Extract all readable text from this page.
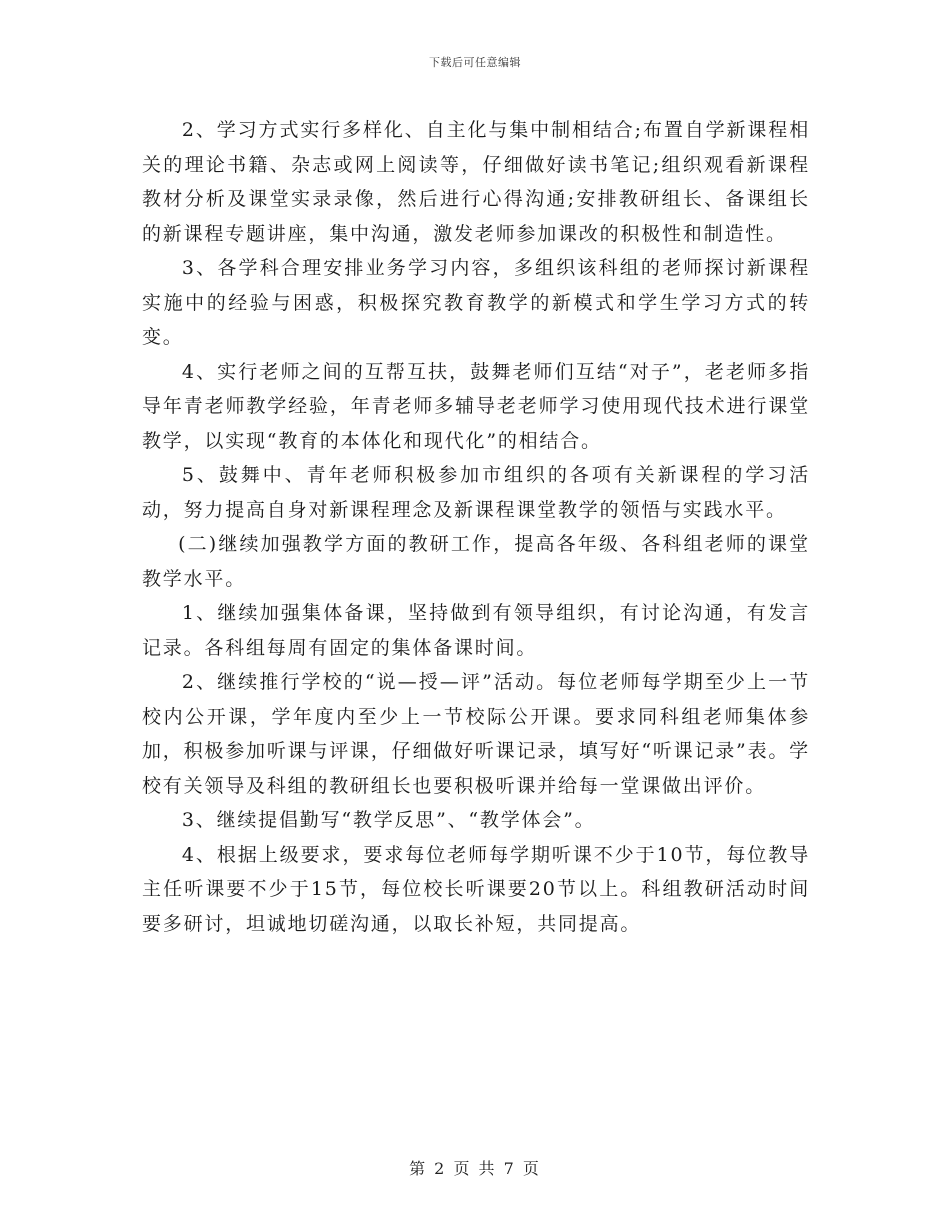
下载后可任意编辑

2、学习方式实行多样化、自主化与集中制相结合;布置自学新课程相关的理论书籍、杂志或网上阅读等，仔细做好读书笔记;组织观看新课程教材分析及课堂实录录像，然后进行心得沟通;安排教研组长、备课组长的新课程专题讲座，集中沟通，激发老师参加课改的积极性和制造性。

3、各学科合理安排业务学习内容，多组织该科组的老师探讨新课程实施中的经验与困惑，积极探究教育教学的新模式和学生学习方式的转变。

4、实行老师之间的互帮互扶，鼓舞老师们互结“对子”，老老师多指导年青老师教学经验，年青老师多辅导老老师学习使用现代技术进行课堂教学，以实现“教育的本体化和现代化”的相结合。

5、鼓舞中、青年老师积极参加市组织的各项有关新课程的学习活动，努力提高自身对新课程理念及新课程课堂教学的领悟与实践水平。

(二)继续加强教学方面的教研工作，提高各年级、各科组老师的课堂教学水平。

1、继续加强集体备课，坚持做到有领导组织，有讨论沟通，有发言记录。各科组每周有固定的集体备课时间。

2、继续推行学校的“说—授—评”活动。每位老师每学期至少上一节校内公开课，学年度内至少上一节校际公开课。要求同科组老师集体参加，积极参加听课与评课，仔细做好听课记录，填写好“听课记录”表。学校有关领导及科组的教研组长也要积极听课并给每一堂课做出评价。

3、继续提倡勤写“教学反思”、“教学体会”。

4、根据上级要求，要求每位老师每学期听课不少于10节，每位教导主任听课要不少于15节，每位校长听课要20节以上。科组教研活动时间要多研讨，坦诚地切磋沟通，以取长补短，共同提高。

第 2 页 共 7 页
